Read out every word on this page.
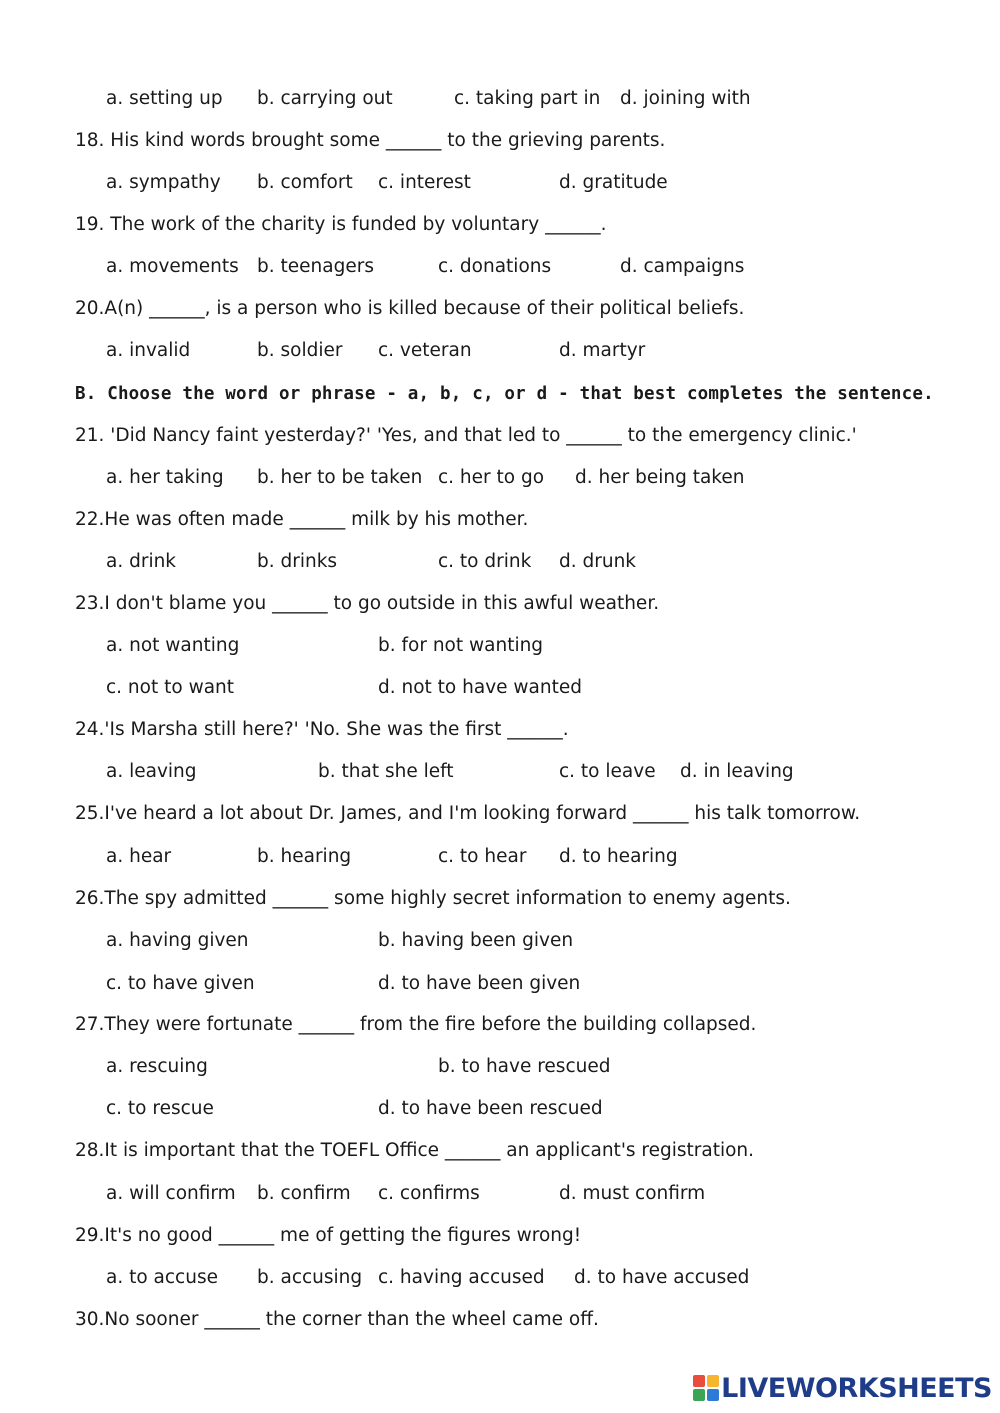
a. setting up b. carrying out	c. taking part in d. joining with
18. His kind words brought some ______ to the grieving parents.
a. sympathy b. comfort c. interest	d. gratitude
19. The work of the charity is funded by voluntary ______.
a. movements b. teenagers	c. donations	d. campaigns
20.A(n) ______, is a person who is killed because of their political beliefs.
a. invalid	b. soldier c. veteran	d. martyr
B. Choose the word or phrase - a, b, c, or d - that best completes the sentence.
21. 'Did Nancy faint yesterday?' 'Yes, and that led to ______ to the emergency clinic.'
a. her taking b. her to be taken c. her to go d. her being taken
22.He was often made ______ milk by his mother.
a. drink	b. drinks	c. to drink d. drunk
23.I don't blame you ______ to go outside in this awful weather.
a. not wanting	b. for not wanting
c. not to want	d. not to have wanted
24.'Is Marsha still here?' 'No. She was the first ______.
a. leaving	b. that she left	c. to leave d. in leaving
25.I've heard a lot about Dr. James, and I'm looking forward ______ his talk tomorrow.
a. hear	b. hearing	c. to hear d. to hearing
26.The spy admitted ______ some highly secret information to enemy agents.
a. having given	b. having been given
c. to have given	d. to have been given
27.They were fortunate ______ from the fire before the building collapsed.
a. rescuing	b. to have rescued
c. to rescue	d. to have been rescued
28.It is important that the TOEFL Office ______ an applicant's registration.
a. will confirm b. confirm c. confirms	d. must confirm
29.It's no good ______ me of getting the figures wrong!
a. to accuse b. accusing c. having accused d. to have accused
30.No sooner ______ the corner than the wheel came off.
LIVEWORKSHEETS
